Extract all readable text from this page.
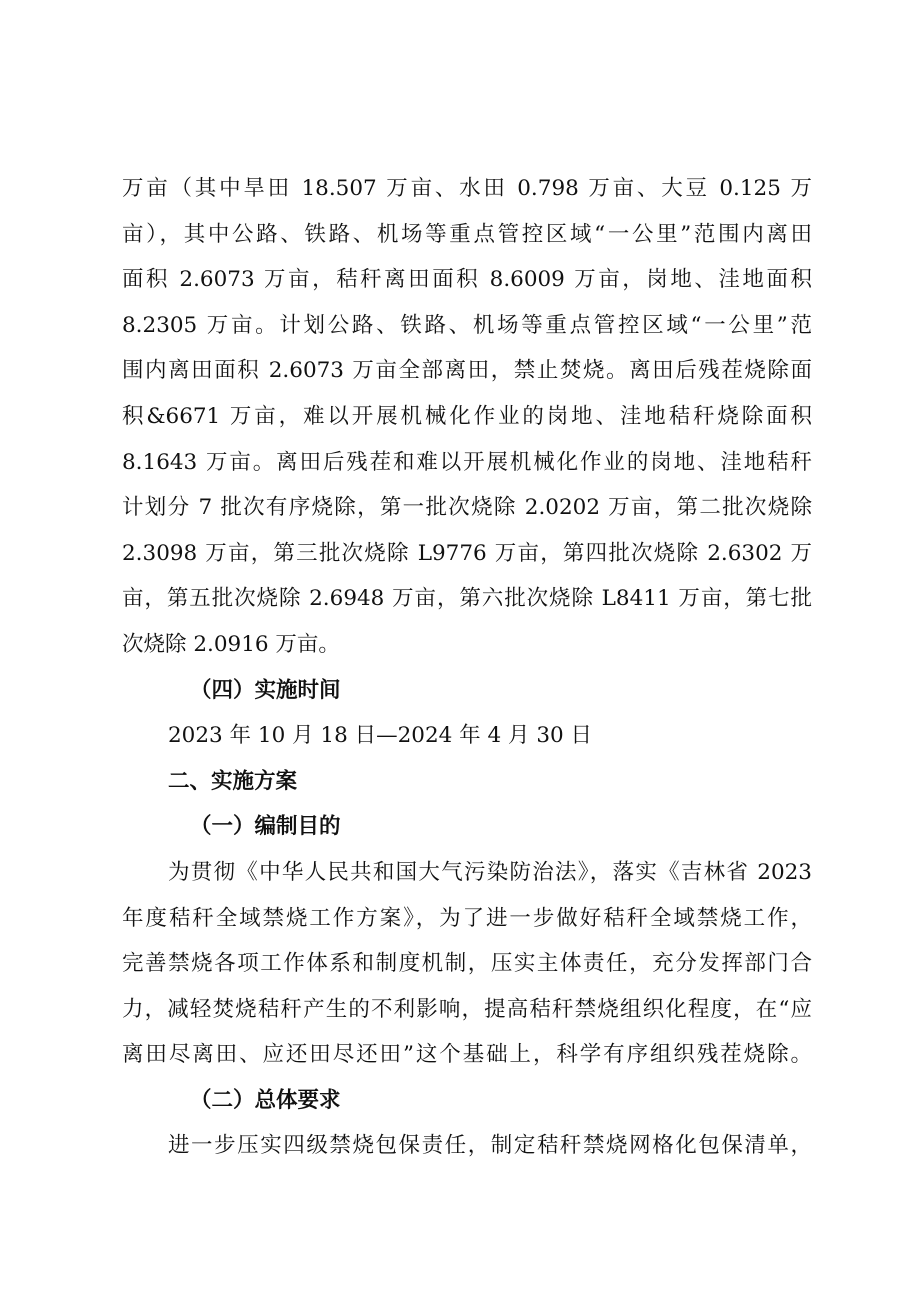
万亩（其中旱田 18.507 万亩、水田 0.798 万亩、大豆 0.125 万
亩），其中公路、铁路、机场等重点管控区域“一公里”范围内离田
面积 2.6073 万亩，秸秆离田面积 8.6009 万亩，岗地、洼地面积
8.2305 万亩。计划公路、铁路、机场等重点管控区域“一公里”范
围内离田面积 2.6073 万亩全部离田，禁止焚烧。离田后残茬烧除面
积&6671 万亩，难以开展机械化作业的岗地、洼地秸秆烧除面积
8.1643 万亩。离田后残茬和难以开展机械化作业的岗地、洼地秸秆
计划分 7 批次有序烧除，第一批次烧除 2.0202 万亩，第二批次烧除
2.3098 万亩，第三批次烧除 L9776 万亩，第四批次烧除 2.6302 万
亩，第五批次烧除 2.6948 万亩，第六批次烧除 L8411 万亩，第七批
次烧除 2.0916 万亩。
（四）实施时间
2023 年 10 月 18 日—2024 年 4 月 30 日
二、实施方案
（一）编制目的
为贯彻《中华人民共和国大气污染防治法》，落实《吉林省 2023
年度秸秆全域禁烧工作方案》，为了进一步做好秸秆全域禁烧工作，
完善禁烧各项工作体系和制度机制，压实主体责任，充分发挥部门合
力，减轻焚烧秸秆产生的不利影响，提高秸秆禁烧组织化程度，在“应
离田尽离田、应还田尽还田”这个基础上，科学有序组织残茬烧除。
（二）总体要求
进一步压实四级禁烧包保责任，制定秸秆禁烧网格化包保清单，
